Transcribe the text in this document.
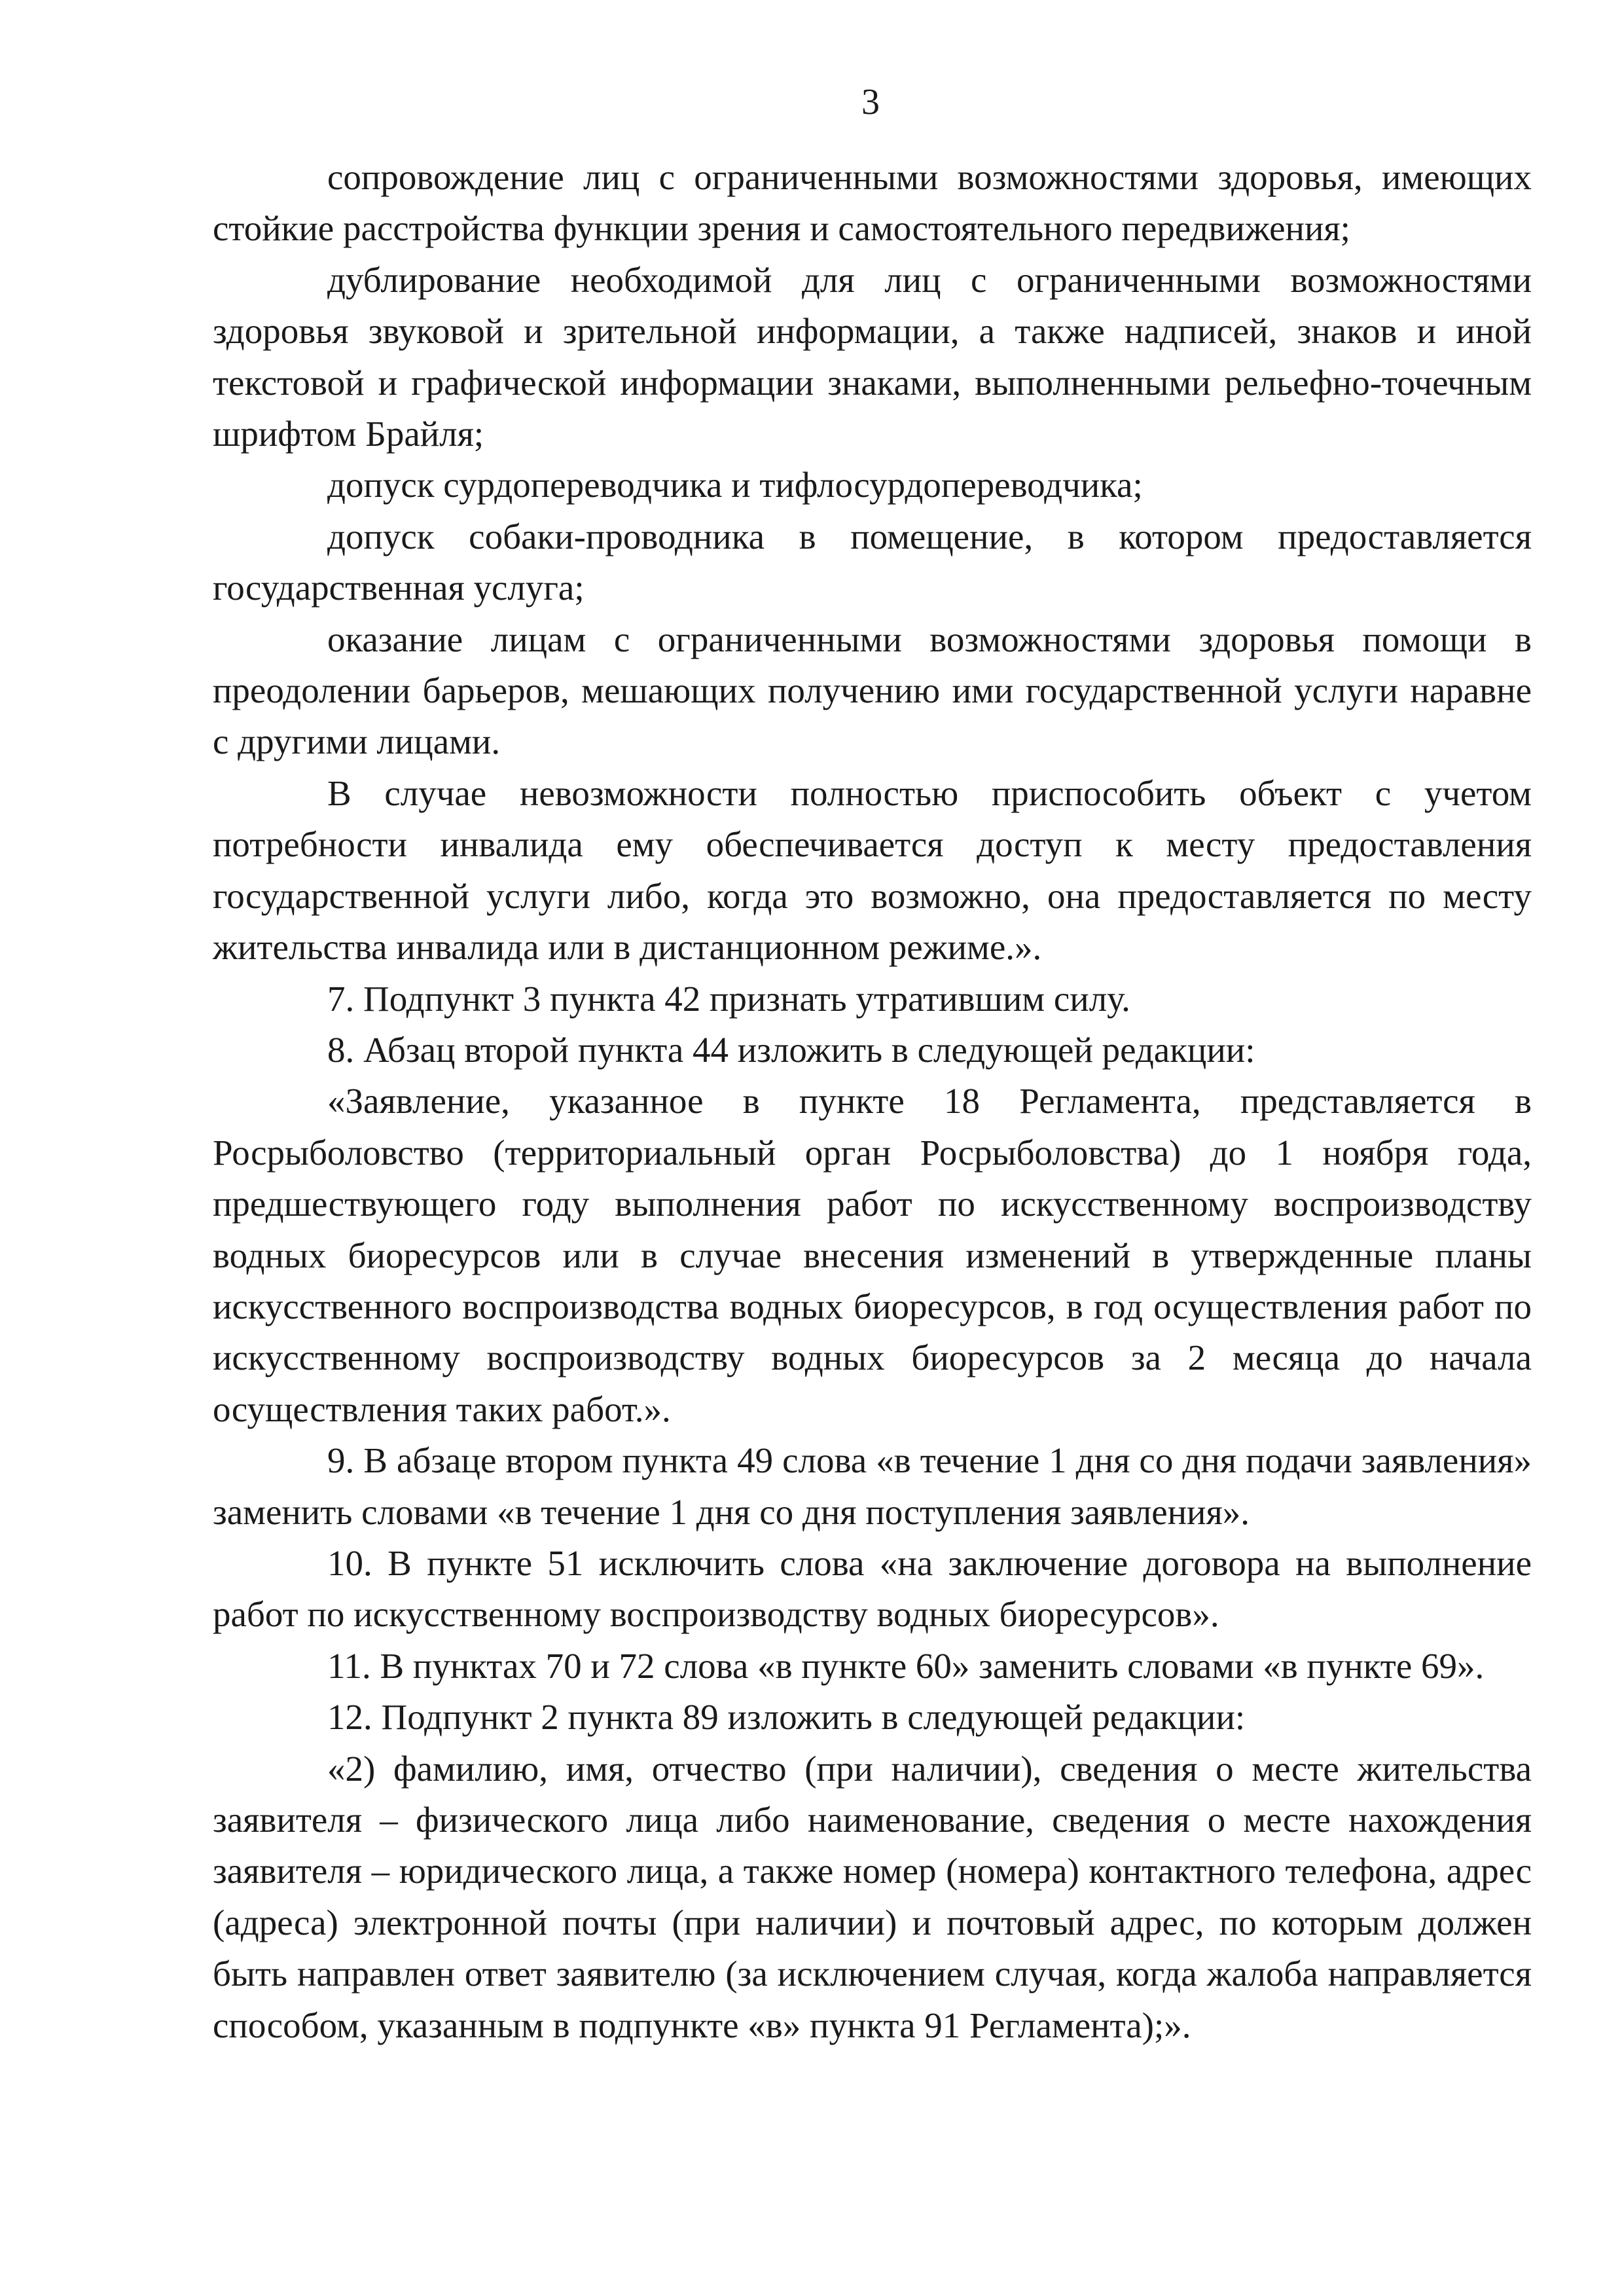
3

сопровождение лиц с ограниченными возможностями здоровья, имеющих стойкие расстройства функции зрения и самостоятельного передвижения;

дублирование необходимой для лиц с ограниченными возможностями здоровья звуковой и зрительной информации, а также надписей, знаков и иной текстовой и графической информации знаками, выполненными рельефно-точечным шрифтом Брайля;

допуск сурдопереводчика и тифлосурдопереводчика;

допуск собаки-проводника в помещение, в котором предоставляется государственная услуга;

оказание лицам с ограниченными возможностями здоровья помощи в преодолении барьеров, мешающих получению ими государственной услуги наравне с другими лицами.

В случае невозможности полностью приспособить объект с учетом потребности инвалида ему обеспечивается доступ к месту предоставления государственной услуги либо, когда это возможно, она предоставляется по месту жительства инвалида или в дистанционном режиме.».

7. Подпункт 3 пункта 42 признать утратившим силу.

8. Абзац второй пункта 44 изложить в следующей редакции:

«Заявление, указанное в пункте 18 Регламента, представляется в Росрыболовство (территориальный орган Росрыболовства) до 1 ноября года, предшествующего году выполнения работ по искусственному воспроизводству водных биоресурсов или в случае внесения изменений в утвержденные планы искусственного воспроизводства водных биоресурсов, в год осуществления работ по искусственному воспроизводству водных биоресурсов за 2 месяца до начала осуществления таких работ.».

9. В абзаце втором пункта 49 слова «в течение 1 дня со дня подачи заявления» заменить словами «в течение 1 дня со дня поступления заявления».

10. В пункте 51 исключить слова «на заключение договора на выполнение работ по искусственному воспроизводству водных биоресурсов».

11. В пунктах 70 и 72 слова «в пункте 60» заменить словами «в пункте 69».

12. Подпункт 2 пункта 89 изложить в следующей редакции:

«2) фамилию, имя, отчество (при наличии), сведения о месте жительства заявителя – физического лица либо наименование, сведения о месте нахождения заявителя – юридического лица, а также номер (номера) контактного телефона, адрес (адреса) электронной почты (при наличии) и почтовый адрес, по которым должен быть направлен ответ заявителю (за исключением случая, когда жалоба направляется способом, указанным в подпункте «в» пункта 91 Регламента);».
